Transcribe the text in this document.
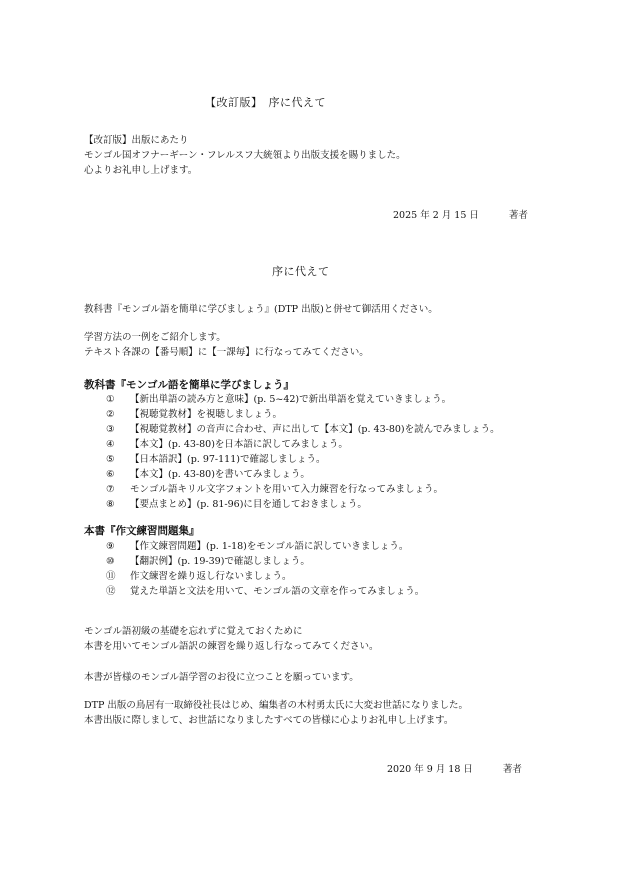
【改訂版】　序に代えて
【改訂版】出版にあたり
モンゴル国オフナーギーン・フレルスフ大統領より出版支援を賜りました。
心よりお礼申し上げます。
2025 年 2 月 15 日	著者
序に代えて
教科書『モンゴル語を簡単に学びましょう』(DTP 出版)と併せて御活用ください。
学習方法の一例をご紹介します。
テキスト各課の【番号順】に【一課毎】に行なってみてください。
教科書『モンゴル語を簡単に学びましょう』
① 【新出単語の読み方と意味】(p. 5~42)で新出単語を覚えていきましょう。
② 【視聴覚教材】を視聴しましょう。
③ 【視聴覚教材】の音声に合わせ、声に出して【本文】(p. 43-80)を読んでみましょう。
④ 【本文】(p. 43-80)を日本語に訳してみましょう。
⑤ 【日本語訳】(p. 97-111)で確認しましょう。
⑥ 【本文】(p. 43-80)を書いてみましょう。
⑦ モンゴル語キリル文字フォントを用いて入力練習を行なってみましょう。
⑧ 【要点まとめ】(p. 81-96)に目を通しておきましょう。
本書『作文練習問題集』
⑨ 【作文練習問題】(p. 1-18)をモンゴル語に訳していきましょう。
⑩ 【翻訳例】(p. 19-39)で確認しましょう。
⑪ 作文練習を繰り返し行ないましょう。
⑫ 覚えた単語と文法を用いて、モンゴル語の文章を作ってみましょう。
モンゴル語初級の基礎を忘れずに覚えておくために
本書を用いてモンゴル語訳の練習を繰り返し行なってみてください。
本書が皆様のモンゴル語学習のお役に立つことを願っています。
DTP 出版の鳥居有一取締役社長はじめ、編集者の木村勇太氏に大変お世話になりました。
本書出版に際しまして、お世話になりましたすべての皆様に心よりお礼申し上げます。
2020 年 9 月 18 日	著者
